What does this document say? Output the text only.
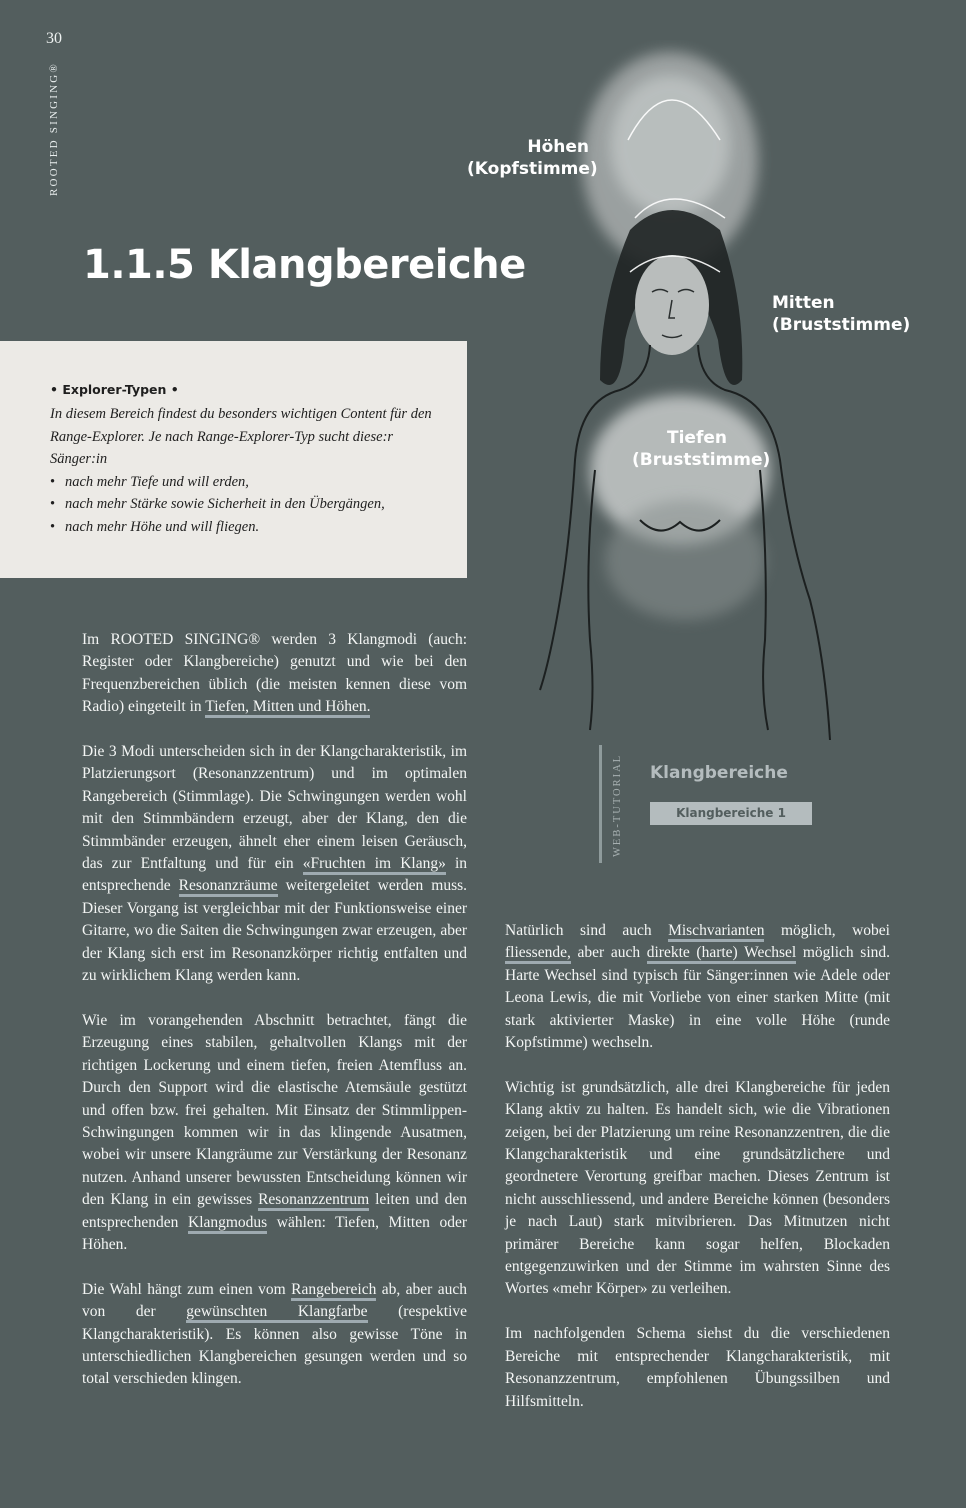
30
ROOTED SINGING®
1.1.5 Klangbereiche
Höhen
(Kopfstimme)
Mitten
(Bruststimme)
Tiefen
(Bruststimme)
• Explorer-Typen •

In diesem Bereich findest du besonders wichtigen Content für den Range-Explorer. Je nach Range-Explorer-Typ sucht diese:r Sänger:in

• nach mehr Tiefe und will erden,
• nach mehr Stärke sowie Sicherheit in den Übergängen,
• nach mehr Höhe und will fliegen.
WEB-TUTORIAL Klangbereiche
Klangbereiche 1

Im ROOTED SINGING® werden 3 Klangmodi (auch: Register oder Klangbereiche) genutzt und wie bei den Frequenzbereichen üblich (die meisten kennen diese vom Radio) eingeteilt in Tiefen, Mitten und Höhen.

Die 3 Modi unterscheiden sich in der Klangcharakteristik, im Platzierungsort (Resonanzzentrum) und im optimalen Rangebereich (Stimmlage). Die Schwingungen werden wohl mit den Stimmbändern erzeugt, aber der Klang, den die Stimmbänder erzeugen, ähnelt eher einem leisen Geräusch, das zur Entfaltung und für ein «Fruchten im Klang» in entsprechende Resonanzräume weitergeleitet werden muss. Dieser Vorgang ist vergleichbar mit der Funktionsweise einer Gitarre, wo die Saiten die Schwingungen zwar erzeugen, aber der Klang sich erst im Resonanzkörper richtig entfalten und zu wirklichem Klang werden kann.

Wie im vorangehenden Abschnitt betrachtet, fängt die Erzeugung eines stabilen, gehaltvollen Klangs mit der richtigen Lockerung und einem tiefen, freien Atemfluss an. Durch den Support wird die elastische Atemsäule gestützt und offen bzw. frei gehalten. Mit Einsatz der Stimmlippen-Schwingungen kommen wir in das klingende Ausatmen, wobei wir unsere Klangräume zur Verstärkung der Resonanz nutzen. Anhand unserer bewussten Entscheidung können wir den Klang in ein gewisses Resonanzzentrum leiten und den entsprechenden Klangmodus wählen: Tiefen, Mitten oder Höhen.

Die Wahl hängt zum einen vom Rangebereich ab, aber auch von der gewünschten Klangfarbe (respektive Klangcharakteristik). Es können also gewisse Töne in unterschiedlichen Klangbereichen gesungen werden und so total verschieden klingen.

Natürlich sind auch Mischvarianten möglich, wobei fliessende, aber auch direkte (harte) Wechsel möglich sind. Harte Wechsel sind typisch für Sänger:innen wie Adele oder Leona Lewis, die mit Vorliebe von einer starken Mitte (mit stark aktivierter Maske) in eine volle Höhe (runde Kopfstimme) wechseln.

Wichtig ist grundsätzlich, alle drei Klangbereiche für jeden Klang aktiv zu halten. Es handelt sich, wie die Vibrationen zeigen, bei der Platzierung um reine Resonanzzentren, die die Klangcharakteristik und eine grundsätzlichere und geordnetere Verortung greifbar machen. Dieses Zentrum ist nicht ausschliessend, und andere Bereiche können (besonders je nach Laut) stark mitvibrieren. Das Mitnutzen nicht primärer Bereiche kann sogar helfen, Blockaden entgegenzuwirken und der Stimme im wahrsten Sinne des Wortes «mehr Körper» zu verleihen.

Im nachfolgenden Schema siehst du die verschiedenen Bereiche mit entsprechender Klangcharakteristik, mit Resonanzzentrum, empfohlenen Übungssilben und Hilfsmitteln.
